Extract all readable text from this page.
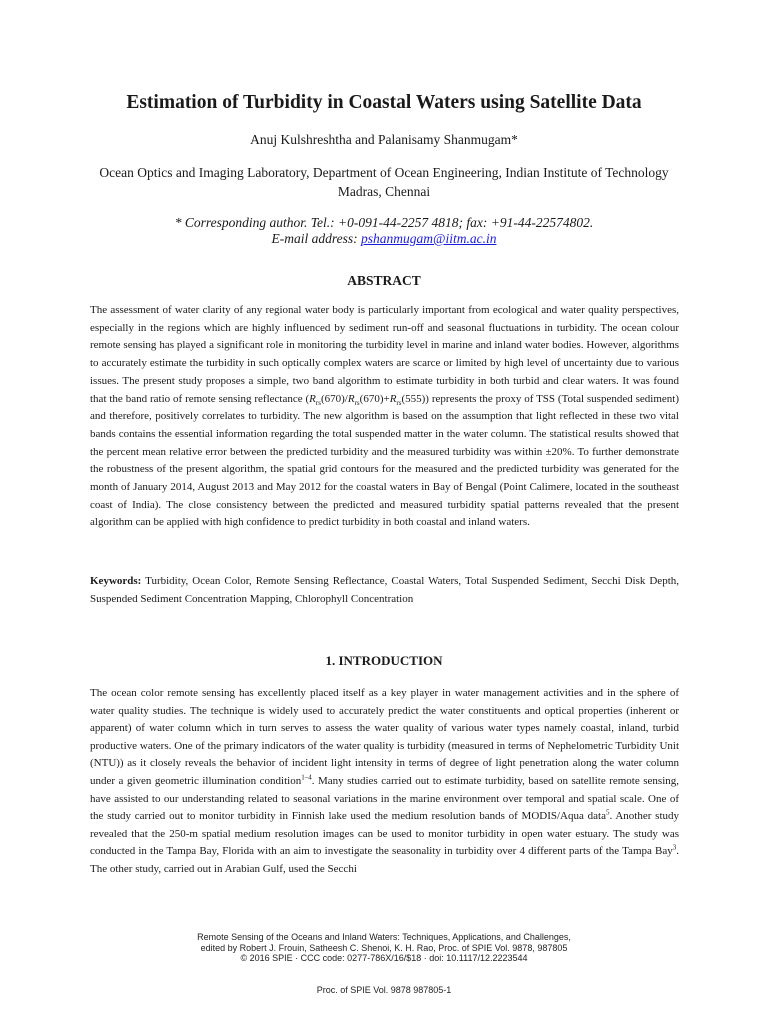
Estimation of Turbidity in Coastal Waters using Satellite Data
Anuj Kulshreshtha and Palanisamy Shanmugam*
Ocean Optics and Imaging Laboratory, Department of Ocean Engineering, Indian Institute of Technology Madras, Chennai
* Corresponding author. Tel.: +0-091-44-2257 4818; fax: +91-44-22574802.
E-mail address: pshanmugam@iitm.ac.in
ABSTRACT

The assessment of water clarity of any regional water body is particularly important from ecological and water quality perspectives, especially in the regions which are highly influenced by sediment run-off and seasonal fluctuations in turbidity. The ocean colour remote sensing has played a significant role in monitoring the turbidity level in marine and inland water bodies. However, algorithms to accurately estimate the turbidity in such optically complex waters are scarce or limited by high level of uncertainty due to various issues. The present study proposes a simple, two band algorithm to estimate turbidity in both turbid and clear waters. It was found that the band ratio of remote sensing reflectance $(R_{rs}(670)/R_{rs}(670)+R_{rs}(555))$ represents the proxy of TSS (Total suspended sediment) and therefore, positively correlates to turbidity. The new algorithm is based on the assumption that light reflected in these two vital bands contains the essential information regarding the total suspended matter in the water column. The statistical results showed that the percent mean relative error between the predicted turbidity and the measured turbidity was within ±20%. To further demonstrate the robustness of the present algorithm, the spatial grid contours for the measured and the predicted turbidity was generated for the month of January 2014, August 2013 and May 2012 for the coastal waters in Bay of Bengal (Point Calimere, located in the southeast coast of India). The close consistency between the predicted and measured turbidity spatial patterns revealed that the present algorithm can be applied with high confidence to predict turbidity in both coastal and inland waters.

Keywords: Turbidity, Ocean Color, Remote Sensing Reflectance, Coastal Waters, Total Suspended Sediment, Secchi Disk Depth, Suspended Sediment Concentration Mapping, Chlorophyll Concentration

1. INTRODUCTION

The ocean color remote sensing has excellently placed itself as a key player in water management activities and in the sphere of water quality studies. The technique is widely used to accurately predict the water constituents and optical properties (inherent or apparent) of water column which in turn serves to assess the water quality of various water types namely coastal, inland, turbid productive waters. One of the primary indicators of the water quality is turbidity (measured in terms of Nephelometric Turbidity Unit (NTU)) as it closely reveals the behavior of incident light intensity in terms of degree of light penetration along the water column under a given geometric illumination condition$^{1-4}$. Many studies carried out to estimate turbidity, based on satellite remote sensing, have assisted to our understanding related to seasonal variations in the marine environment over temporal and spatial scale. One of the study carried out to monitor turbidity in Finnish lake used the medium resolution bands of MODIS/Aqua data$^5$. Another study revealed that the 250-m spatial medium resolution images can be used to monitor turbidity in open water estuary. The study was conducted in the Tampa Bay, Florida with an aim to investigate the seasonality in turbidity over 4 different parts of the Tampa Bay$^3$. The other study, carried out in Arabian Gulf, used the Secchi

Remote Sensing of the Oceans and Inland Waters: Techniques, Applications, and Challenges,
edited by Robert J. Frouin, Satheesh C. Shenoi, K. H. Rao, Proc. of SPIE Vol. 9878, 987805
© 2016 SPIE · CCC code: 0277-786X/16/$18 · doi: 10.1117/12.2223544
Proc. of SPIE Vol. 9878 987805-1
